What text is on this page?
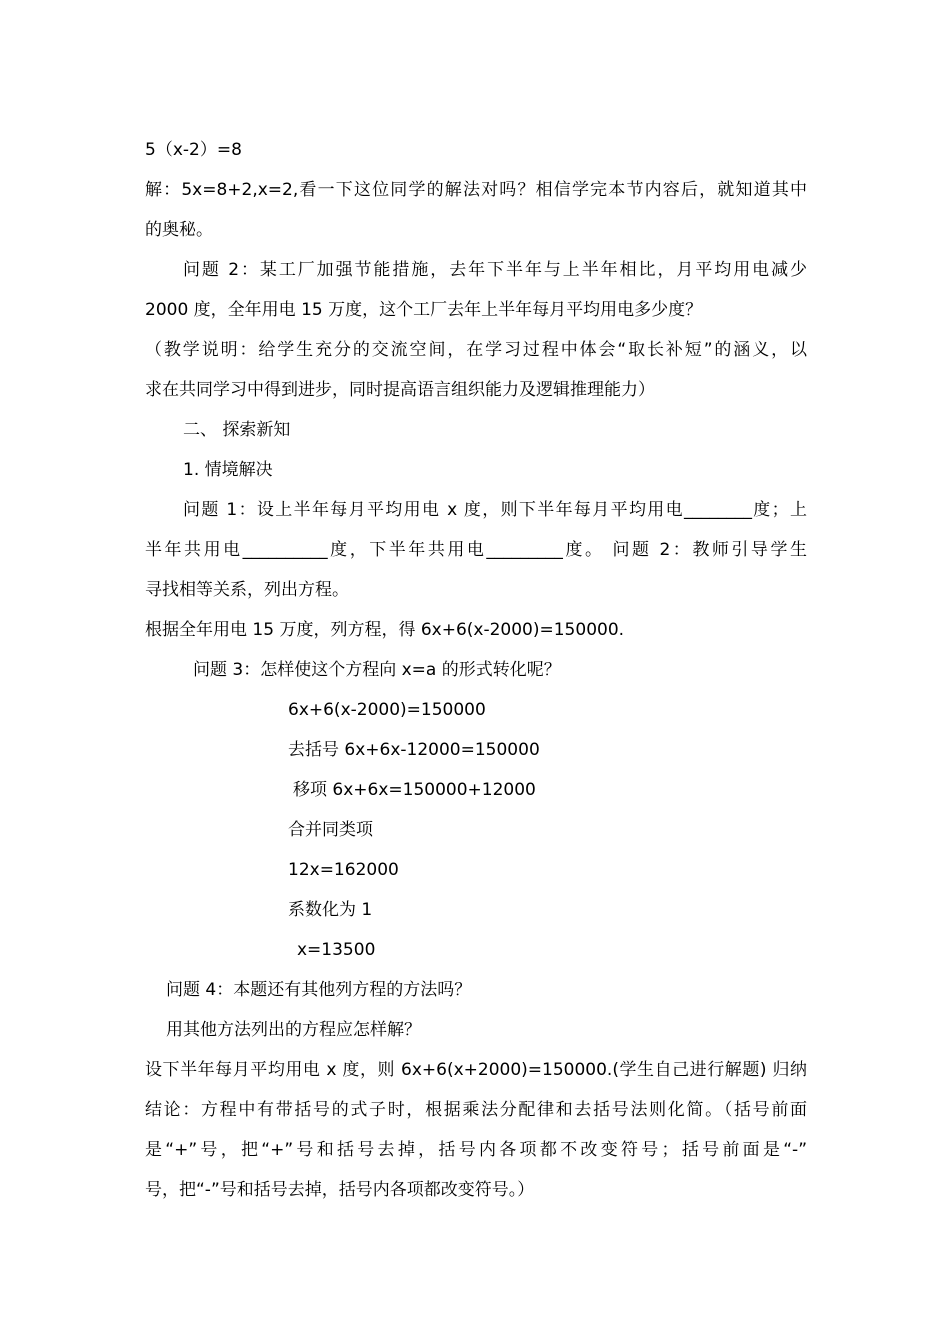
5（x-2）=8
解：5x=8+2,x=2,看一下这位同学的解法对吗？相信学完本节内容后，就知道其中
的奥秘。
问题 2：某工厂加强节能措施，去年下半年与上半年相比，月平均用电减少
2000 度，全年用电 15 万度，这个工厂去年上半年每月平均用电多少度？
（教学说明：给学生充分的交流空间，在学习过程中体会“取长补短”的涵义，以
求在共同学习中得到进步，同时提高语言组织能力及逻辑推理能力）
二、 探索新知
1. 情境解决
问题 1：设上半年每月平均用电 x 度，则下半年每月平均用电________度；上
半年共用电__________度，下半年共用电_________度。 问题 2：教师引导学生
寻找相等关系，列出方程。
根据全年用电 15 万度，列方程，得 6x+6(x-2000)=150000.
问题 3：怎样使这个方程向 x=a 的形式转化呢？
6x+6(x-2000)=150000
去括号 6x+6x-12000=150000
移项 6x+6x=150000+12000
合并同类项
12x=162000
系数化为 1
x=13500
问题 4：本题还有其他列方程的方法吗？
用其他方法列出的方程应怎样解？
设下半年每月平均用电 x 度，则 6x+6(x+2000)=150000.(学生自己进行解题) 归纳
结论：方程中有带括号的式子时，根据乘法分配律和去括号法则化简。（括号前面
是“+”号，把“+”号和括号去掉，括号内各项都不改变符号；括号前面是“-”
号，把“-”号和括号去掉，括号内各项都改变符号。）
